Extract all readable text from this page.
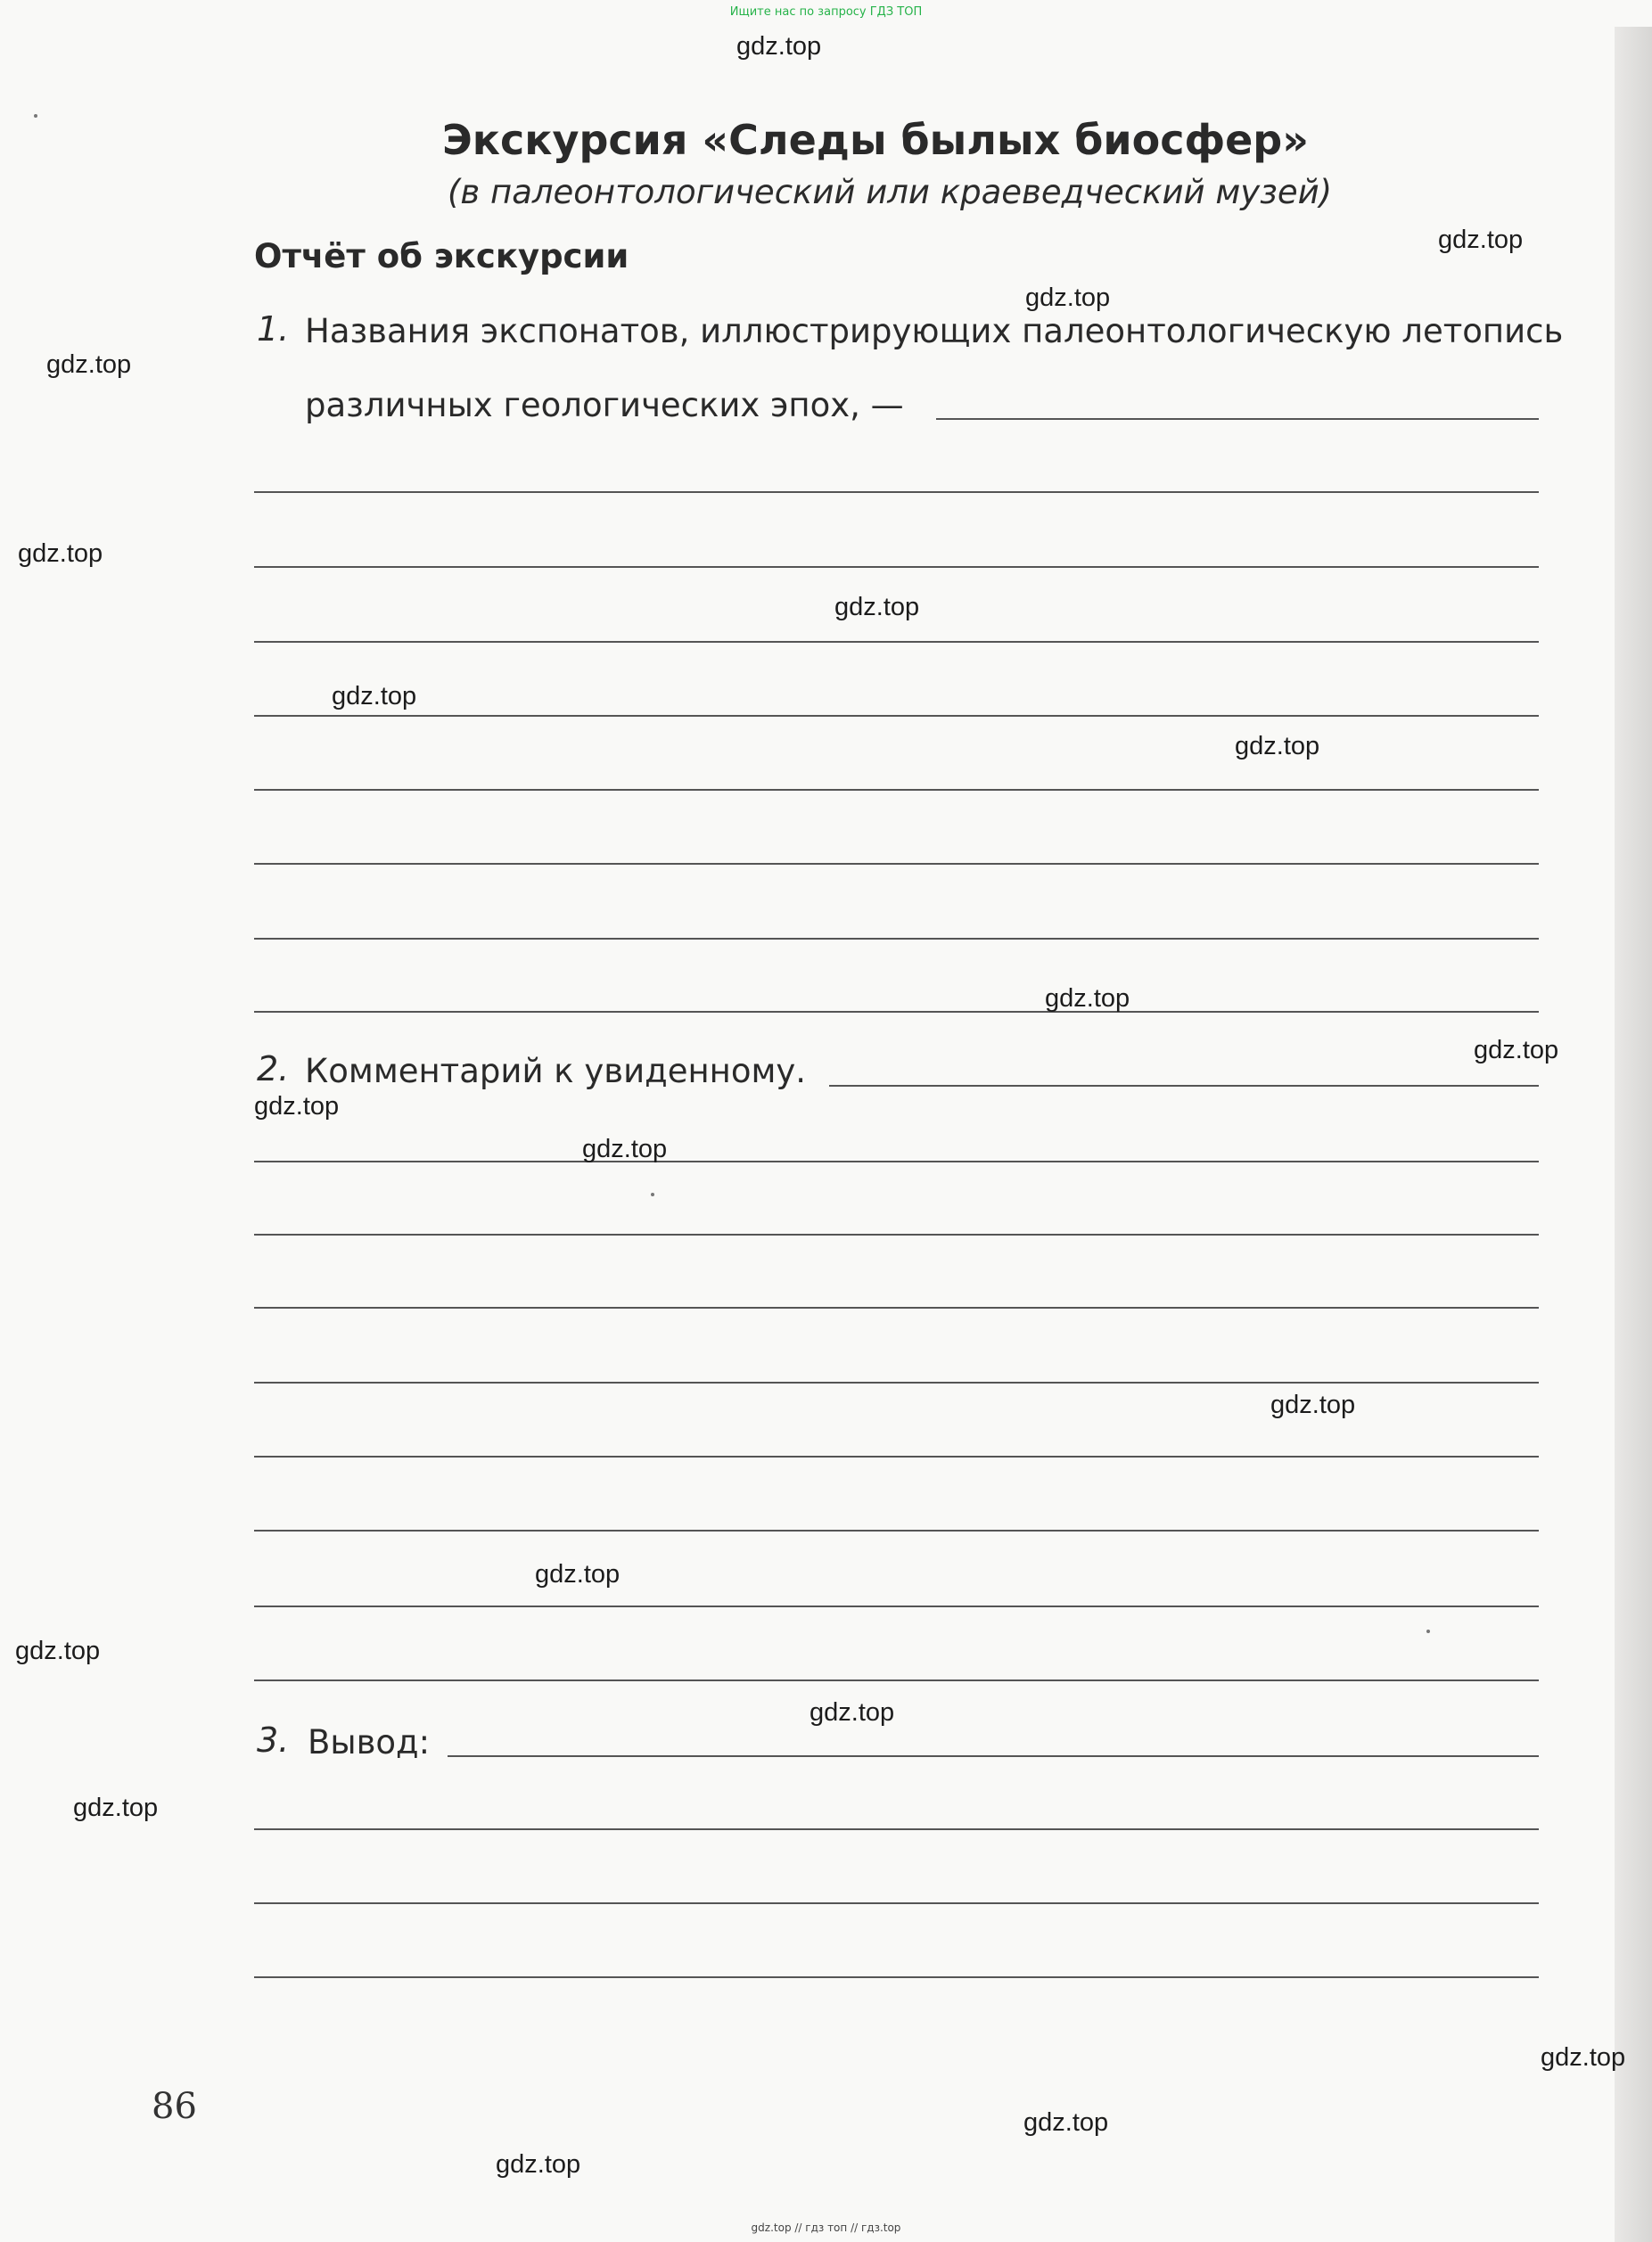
Ищите нас по запросу ГДЗ ТОП
Экскурсия «Следы былых биосфер»
(в палеонтологический или краеведческий музей)
Отчёт об экскурсии
1. Названия экспонатов, иллюстрирующих палеонтологическую летопись
различных геологических эпох, —
2. Комментарий к увиденному.
3. Вывод:
86
gdz.top
gdz.top
gdz.top
gdz.top
gdz.top
gdz.top
gdz.top
gdz.top
gdz.top
gdz.top
gdz.top
gdz.top
gdz.top
gdz.top
gdz.top
gdz.top
gdz.top
gdz.top
gdz.top
gdz.top
gdz.top // гдз топ // гдз.top
